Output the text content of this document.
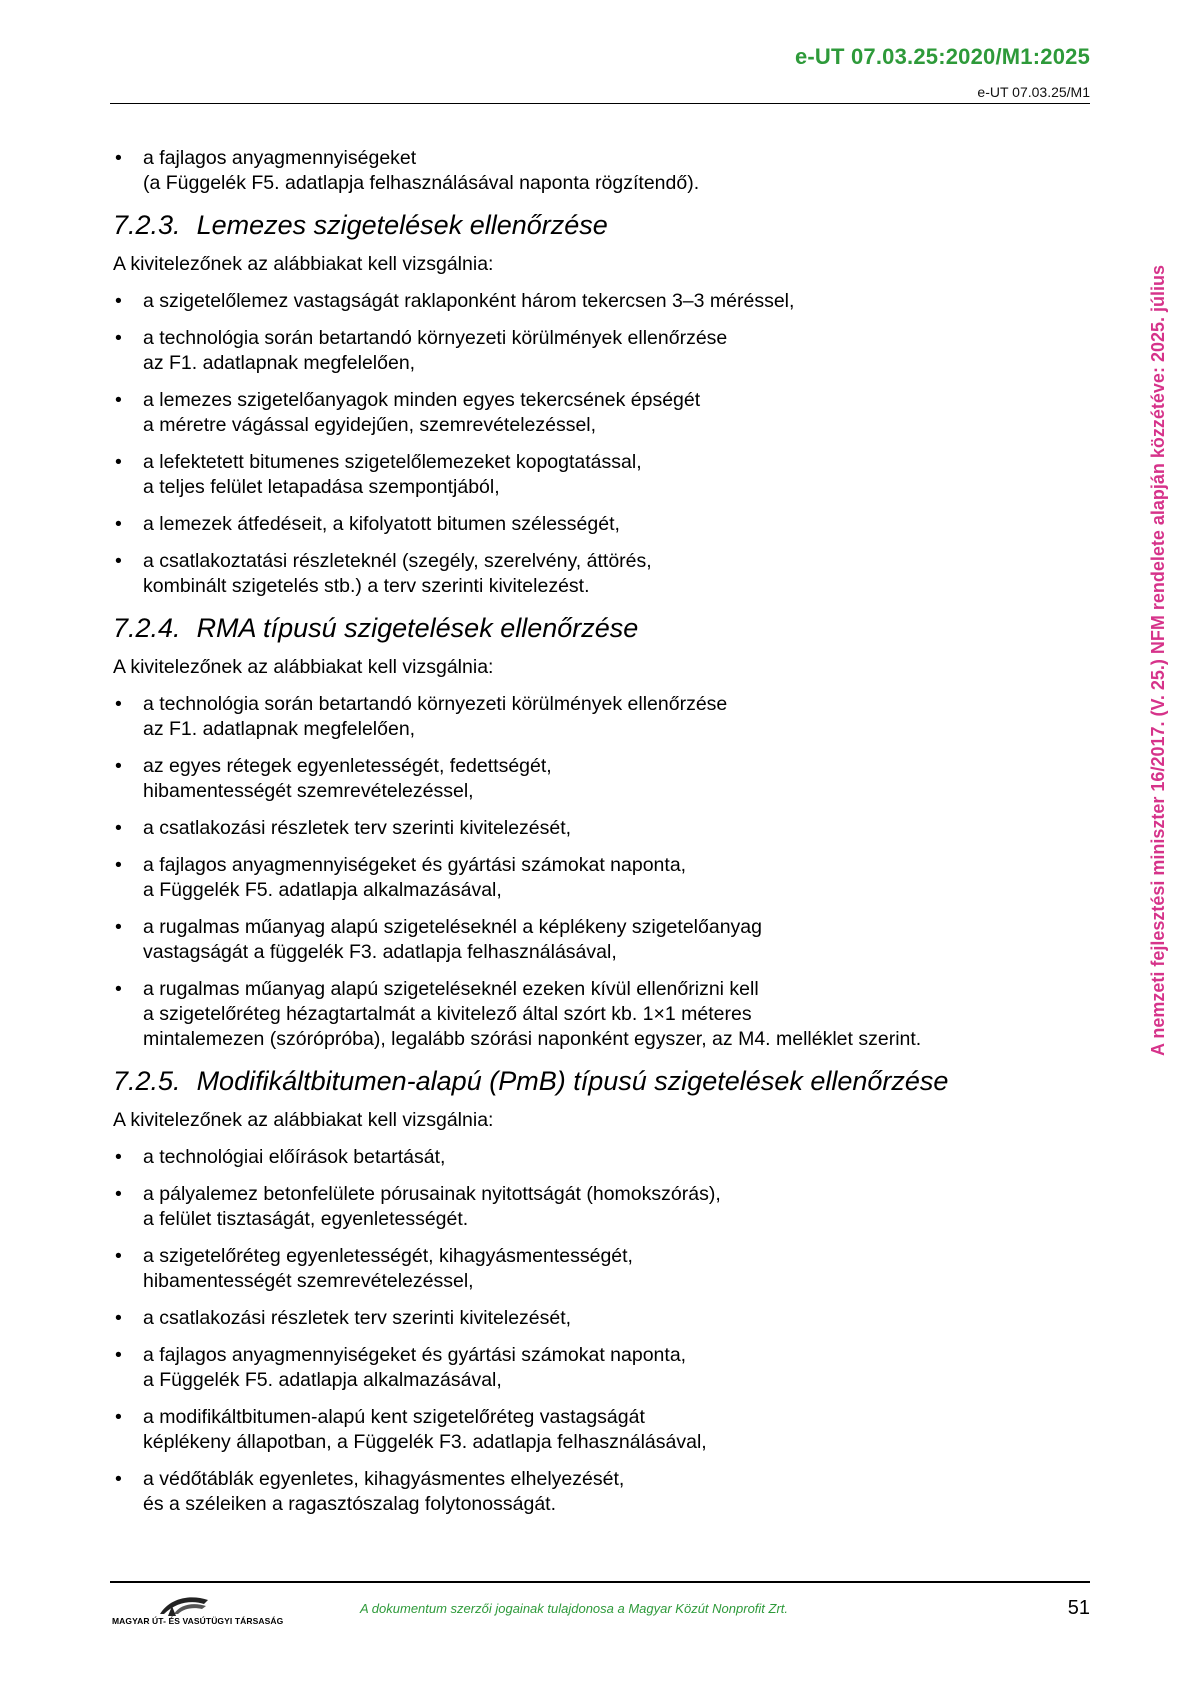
e-UT 07.03.25:2020/M1:2025
e-UT 07.03.25/M1
• a fajlagos anyagmennyiségeket
(a Függelék F5. adatlapja felhasználásával naponta rögzítendő).
7.2.3. Lemezes szigetelések ellenőrzése

A kivitelezőnek az alábbiakat kell vizsgálnia:

• a szigetelőlemez vastagságát raklaponként három tekercsen 3–3 méréssel,
• a technológia során betartandó környezeti körülmények ellenőrzése
az F1. adatlapnak megfelelően,
• a lemezes szigetelőanyagok minden egyes tekercsének épségét
a méretre vágással egyidejűen, szemrevételezéssel,
• a lefektetett bitumenes szigetelőlemezeket kopogtatással,
a teljes felület letapadása szempontjából,
• a lemezek átfedéseit, a kifolyatott bitumen szélességét,
• a csatlakoztatási részleteknél (szegély, szerelvény, áttörés,
kombinált szigetelés stb.) a terv szerinti kivitelezést.
7.2.4. RMA típusú szigetelések ellenőrzése

A kivitelezőnek az alábbiakat kell vizsgálnia:

• a technológia során betartandó környezeti körülmények ellenőrzése
az F1. adatlapnak megfelelően,
• az egyes rétegek egyenletességét, fedettségét,
hibamentességét szemrevételezéssel,
• a csatlakozási részletek terv szerinti kivitelezését,
• a fajlagos anyagmennyiségeket és gyártási számokat naponta,
a Függelék F5. adatlapja alkalmazásával,
• a rugalmas műanyag alapú szigeteléseknél a képlékeny szigetelőanyag
vastagságát a függelék F3. adatlapja felhasználásával,
• a rugalmas műanyag alapú szigeteléseknél ezeken kívül ellenőrizni kell
a szigetelőréteg hézagtartalmát a kivitelező által szórt kb. 1×1 méteres
mintalemezen (szórópróba), legalább szórási naponként egyszer, az M4. melléklet szerint.
7.2.5. Modifikáltbitumen-alapú (PmB) típusú szigetelések ellenőrzése

A kivitelezőnek az alábbiakat kell vizsgálnia:

• a technológiai előírások betartását,
• a pályalemez betonfelülete pórusainak nyitottságát (homokszórás),
a felület tisztaságát, egyenletességét.
• a szigetelőréteg egyenletességét, kihagyásmentességét,
hibamentességét szemrevételezéssel,
• a csatlakozási részletek terv szerinti kivitelezését,
• a fajlagos anyagmennyiségeket és gyártási számokat naponta,
a Függelék F5. adatlapja alkalmazásával,
• a modifikáltbitumen-alapú kent szigetelőréteg vastagságát
képlékeny állapotban, a Függelék F3. adatlapja felhasználásával,
• a védőtáblák egyenletes, kihagyásmentes elhelyezését,
és a széleiken a ragasztószalag folytonosságát.
A nemzeti fejlesztési miniszter 16/2017. (V. 25.) NFM rendelete alapján közzétéve: 2025. július
MAGYAR ÚT- ÉS VASÚTÜGYI TÁRSASÁG
A dokumentum szerzői jogainak tulajdonosa a Magyar Közút Nonprofit Zrt.	51
